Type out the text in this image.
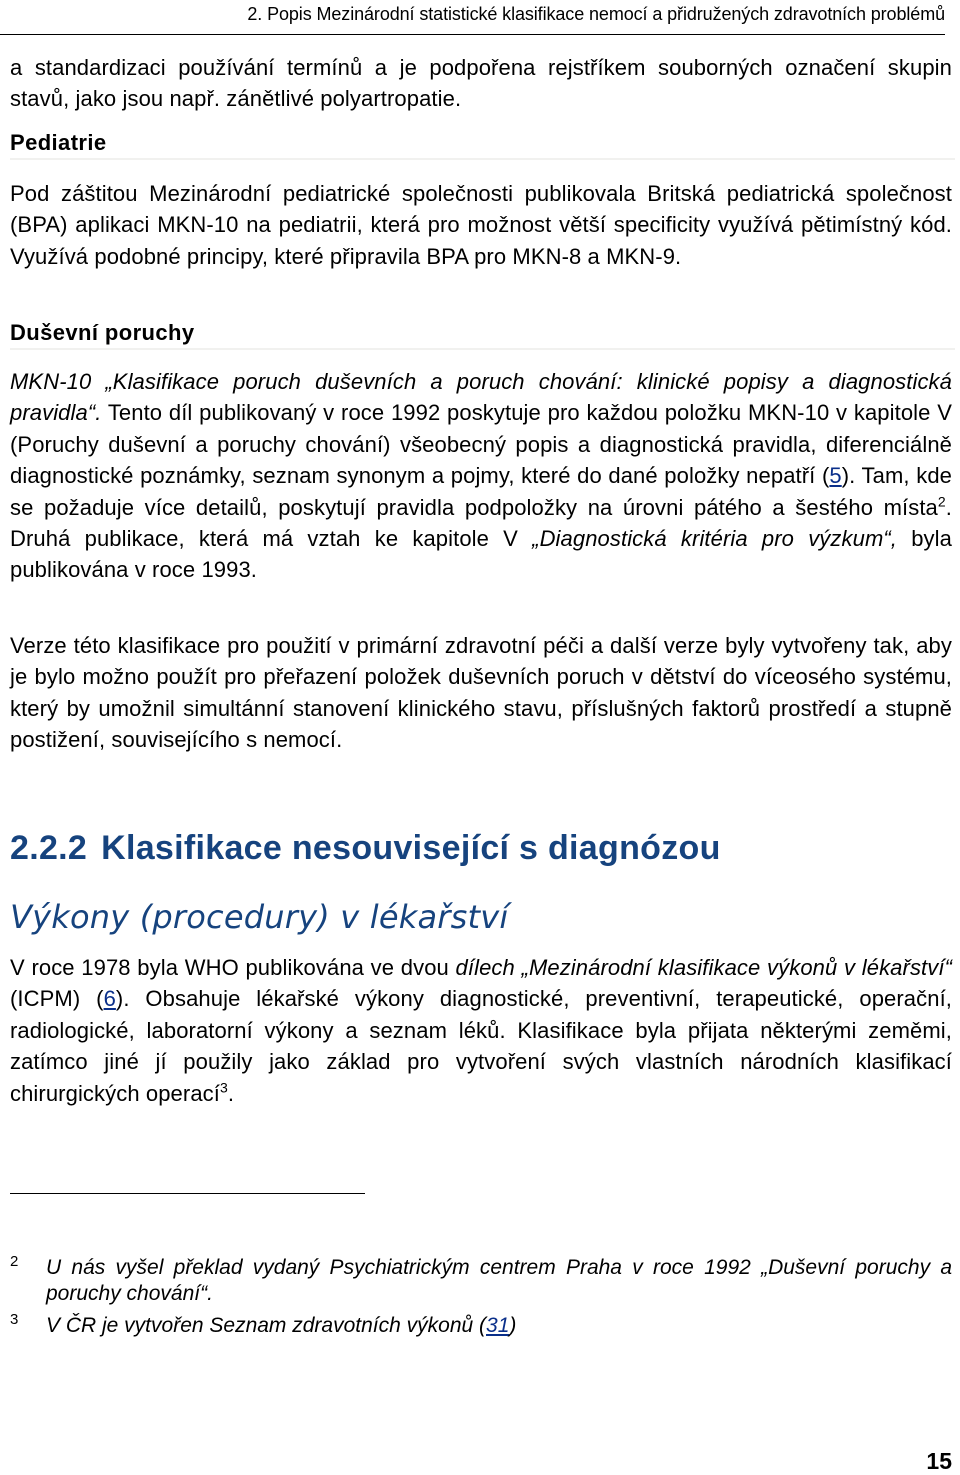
2. Popis Mezinárodní statistické klasifikace nemocí a přidružených zdravotních problémů
a standardizaci používání termínů a je podpořena rejstříkem souborných označení skupin stavů, jako jsou např. zánětlivé polyartropatie.
Pediatrie
Pod záštitou Mezinárodní pediatrické společnosti publikovala Britská pediatrická společnost (BPA) aplikaci MKN-10 na pediatrii, která pro možnost větší specificity využívá pětimístný kód. Využívá podobné principy, které připravila BPA pro MKN-8 a MKN-9.
Duševní poruchy
MKN-10 „Klasifikace poruch duševních a poruch chování: klinické popisy a diagnostická pravidla“. Tento díl publikovaný v roce 1992 poskytuje pro každou položku MKN-10 v kapitole V (Poruchy duševní a poruchy chování) všeobecný popis a diagnostická pravidla, diferenciálně diagnostické poznámky, seznam synonym a pojmy, které do dané položky nepatří (5). Tam, kde se požaduje více detailů, poskytují pravidla podpoložky na úrovni pátého a šestého místa$^2$. Druhá publikace, která má vztah ke kapitole V „Diagnostická kritéria pro výzkum“, byla publikována v roce 1993.
Verze této klasifikace pro použití v primární zdravotní péči a další verze byly vytvořeny tak, aby je bylo možno použít pro přeřazení položek duševních poruch v dětství do víceosého systému, který by umožnil simultánní stanovení klinického stavu, příslušných faktorů prostředí a stupně postižení, souvisejícího s nemocí.
2.2.2 Klasifikace nesouvisející s diagnózou
Výkony (procedury) v lékařství
V roce 1978 byla WHO publikována ve dvou dílech „Mezinárodní klasifikace výkonů v lékařství“ (ICPM) (6). Obsahuje lékařské výkony diagnostické, preventivní, terapeutické, operační, radiologické, laboratorní výkony a seznam léků. Klasifikace byla přijata některými zeměmi, zatímco jiné jí použily jako základ pro vytvoření svých vlastních národních klasifikací chirurgických operací$^3$.
2 U nás vyšel překlad vydaný Psychiatrickým centrem Praha v roce 1992 „Duševní poruchy a poruchy chování“.
3 V ČR je vytvořen Seznam zdravotních výkonů (31)
15
